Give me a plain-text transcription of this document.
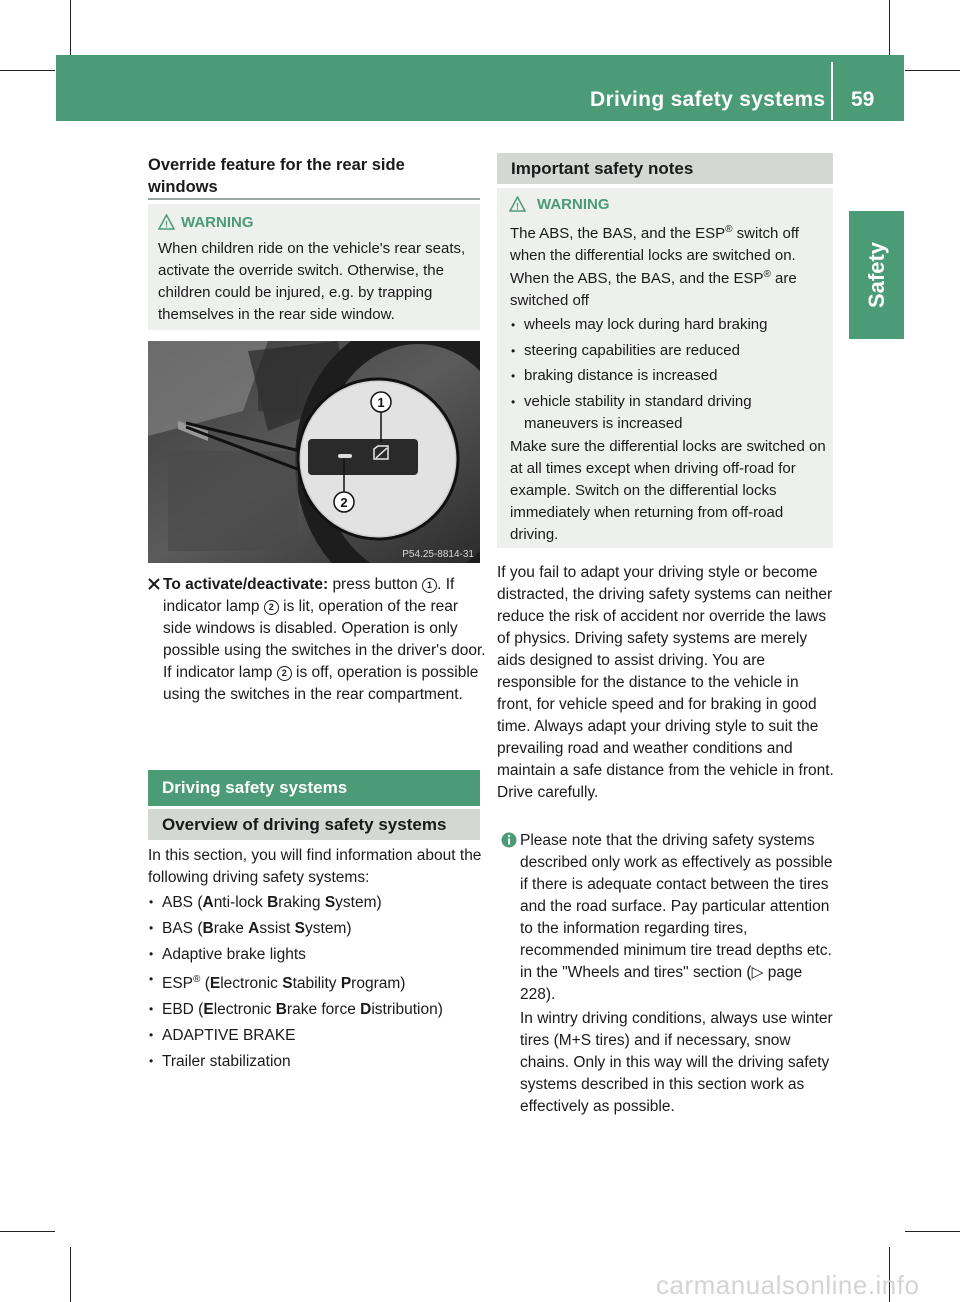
Driving safety systems 59
Safety
Override feature for the rear side windows
! WARNING
When children ride on the vehicle's rear seats, activate the override switch. Otherwise, the children could be injured, e.g. by trapping themselves in the rear side window.
1
2
P54.25-8814-31
To activate/deactivate: press button 1 . If indicator lamp 2 is lit, operation of the rear side windows is disabled. Operation is only possible using the switches in the driver's door. If indicator lamp 2 is off, operation is possible using the switches in the rear compartment.
Driving safety systems
Overview of driving safety systems
In this section, you will find information about the following driving safety systems:
• ABS (Anti-lock Braking System)
• BAS (Brake Assist System)
• Adaptive brake lights
• ESP® (Electronic Stability Program)
• EBD (Electronic Brake force Distribution)
• ADAPTIVE BRAKE
• Trailer stabilization
Important safety notes
! WARNING
The ABS, the BAS, and the ESP® switch off when the differential locks are switched on.
When the ABS, the BAS, and the ESP® are switched off
• wheels may lock during hard braking
• steering capabilities are reduced
• braking distance is increased
• vehicle stability in standard driving maneuvers is increased
Make sure the differential locks are switched on at all times except when driving off-road for example. Switch on the differential locks immediately when returning from off-road driving.
If you fail to adapt your driving style or become distracted, the driving safety systems can neither reduce the risk of accident nor override the laws of physics. Driving safety systems are merely aids designed to assist driving. You are responsible for the distance to the vehicle in front, for vehicle speed and for braking in good time. Always adapt your driving style to suit the prevailing road and weather conditions and maintain a safe distance from the vehicle in front. Drive carefully.
Please note that the driving safety systems described only work as effectively as possible if there is adequate contact between the tires and the road surface. Pay particular attention to the information regarding tires, recommended minimum tire tread depths etc. in the "Wheels and tires" section (▷ page 228).
In wintry driving conditions, always use winter tires (M+S tires) and if necessary, snow chains. Only in this way will the driving safety systems described in this section work as effectively as possible.
carmanualsonline.info
